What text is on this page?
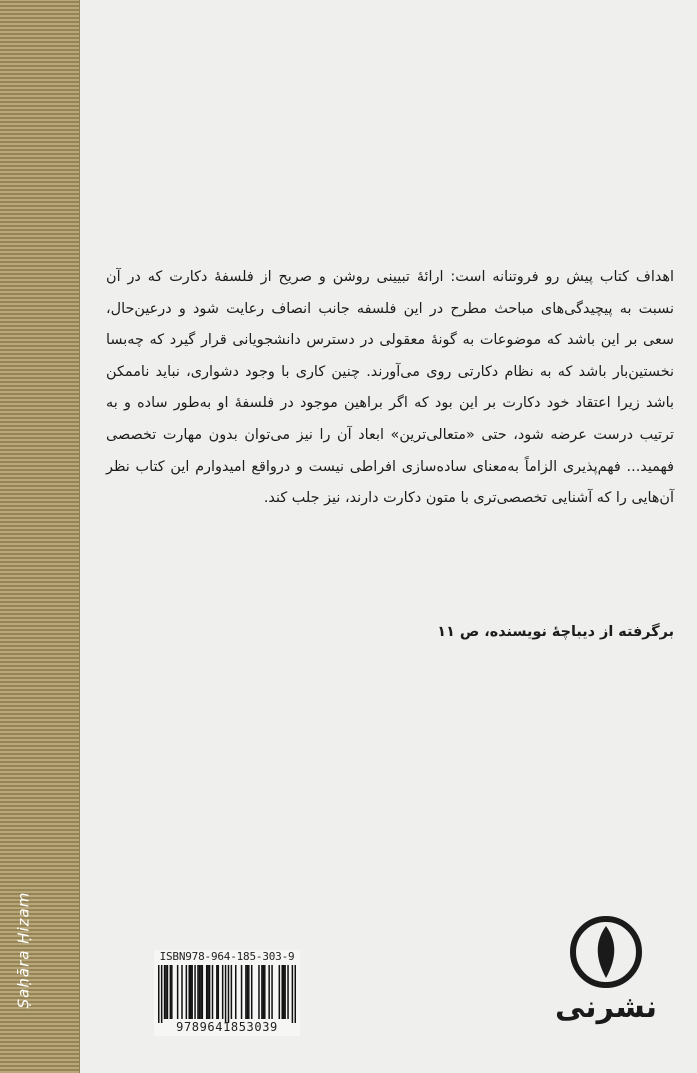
Ṣaḥāra Ḥizam

اهداف کتاب پیش رو فروتنانه است: ارائهٔ تبیینی روشن و صریح از فلسفهٔ دکارت که در آن نسبت به پیچیدگی‌های مباحث مطرح در این فلسفه جانب انصاف رعایت شود و درعین‌حال، سعی بر این باشد که موضوعات به گونهٔ معقولی در دسترس دانشجویانی قرار گیرد که چه‌بسا نخستین‌بار باشد که به نظام دکارتی روی می‌آورند. چنین کاری با وجود دشواری، نباید ناممکن باشد زیرا اعتقاد خود دکارت بر این بود که اگر براهین موجود در فلسفهٔ او به‌طور ساده و به ترتیب درست عرضه شود، حتی «متعالی‌ترین» ابعاد آن را نیز می‌توان بدون مهارت تخصصی فهمید... فهم‌پذیری الزاماً به‌معنای ساده‌سازی افراطی نیست و درواقع امیدوارم این کتاب نظر آن‌هایی را که آشنایی تخصصی‌تری با متون دکارت دارند، نیز جلب کند.

برگرفته از دیباچهٔ نویسنده، ص ۱۱

ISBN978-964-185-303-9
9789641853039
نشرنی
